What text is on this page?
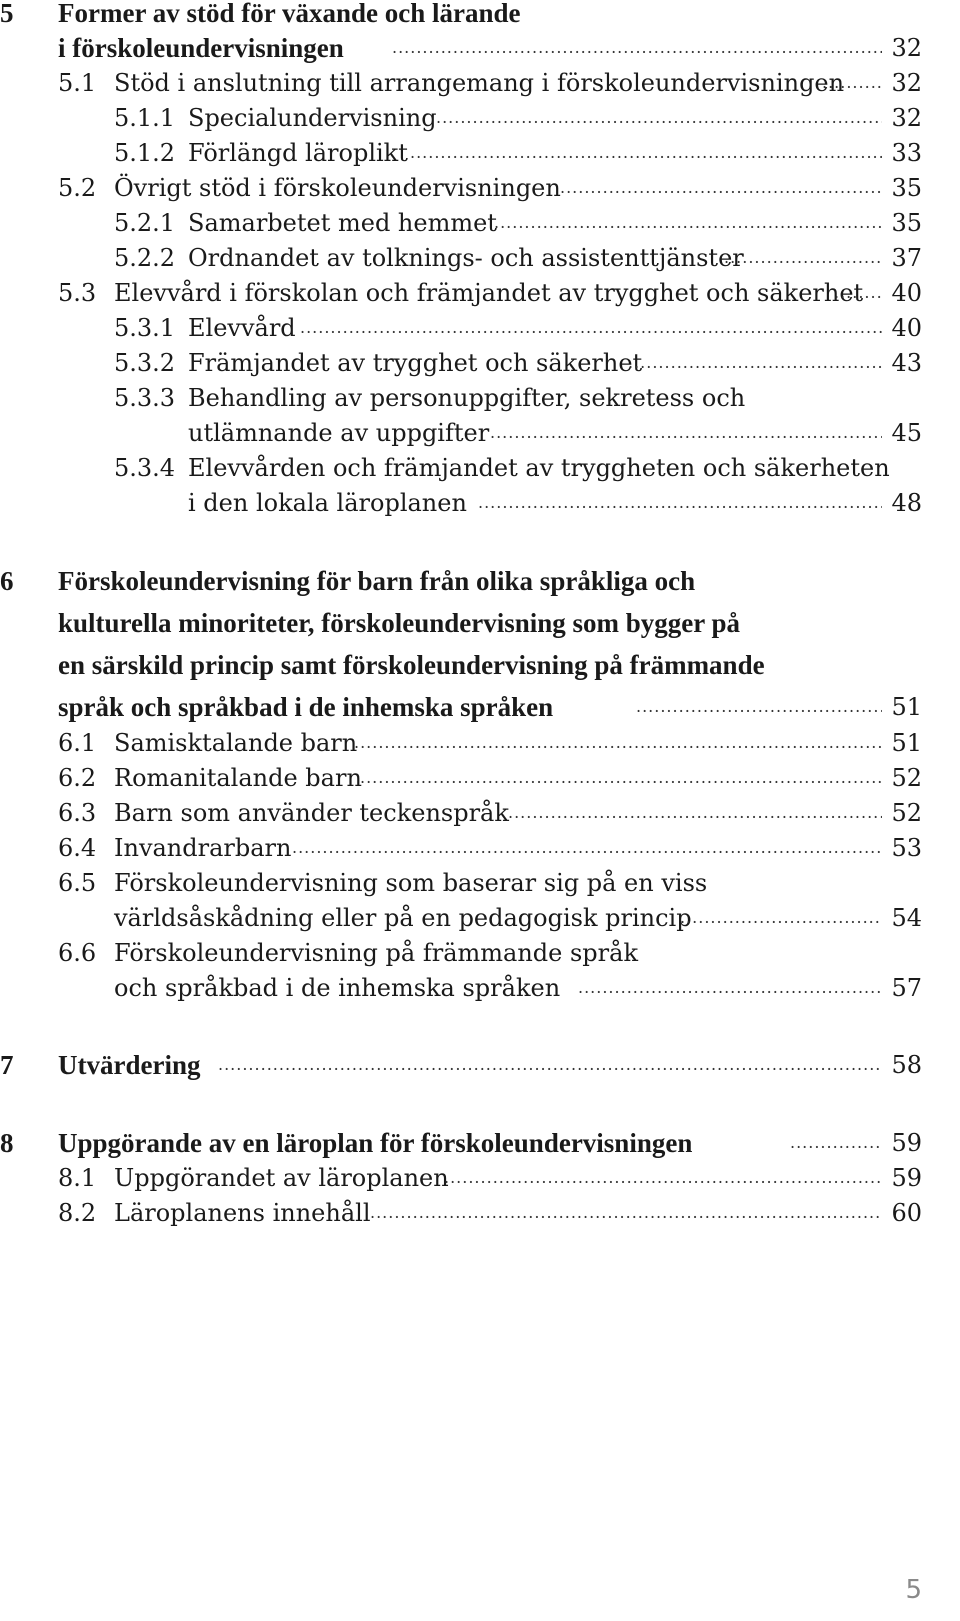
5 Former av stöd för växande och lärande
i förskoleundervisningen .....	32
5.1 Stöd i anslutning till arrangemang i förskoleundervisningen ..... 32
5.1.1 Specialundervisning .....	32
5.1.2 Förlängd läroplikt .....	33
5.2 Övrigt stöd i förskoleundervisningen .....	35
5.2.1 Samarbetet med hemmet .....	35
5.2.2 Ordnandet av tolknings- och assistenttjänster .....	37
5.3 Elevvård i förskolan och främjandet av trygghet och säkerhet ..... 40
5.3.1 Elevvård .....	40
5.3.2 Främjandet av trygghet och säkerhet .....	43
5.3.3 Behandling av personuppgifter, sekretess och
utlämnande av uppgifter .....	45
5.3.4 Elevvården och främjandet av tryggheten och säkerheten
i den lokala läroplanen .....	48
6 Förskoleundervisning för barn från olika språkliga och
kulturella minoriteter, förskoleundervisning som bygger på
en särskild princip samt förskoleundervisning på främmande
språk och språkbad i de inhemska språken .....	51
6.1 Samisktalande barn .....	51
6.2 Romanitalande barn .....	52
6.3 Barn som använder teckenspråk .....	52
6.4 Invandrarbarn .....	53
6.5 Förskoleundervisning som baserar sig på en viss
världsåskådning eller på en pedagogisk princip .....	54
6.6 Förskoleundervisning på främmande språk
och språkbad i de inhemska språken .....	57
7 Utvärdering .....	58
8 Uppgörande av en läroplan för förskoleundervisningen .....	59
8.1 Uppgörandet av läroplanen .....	59
8.2 Läroplanens innehåll .....	60
5
